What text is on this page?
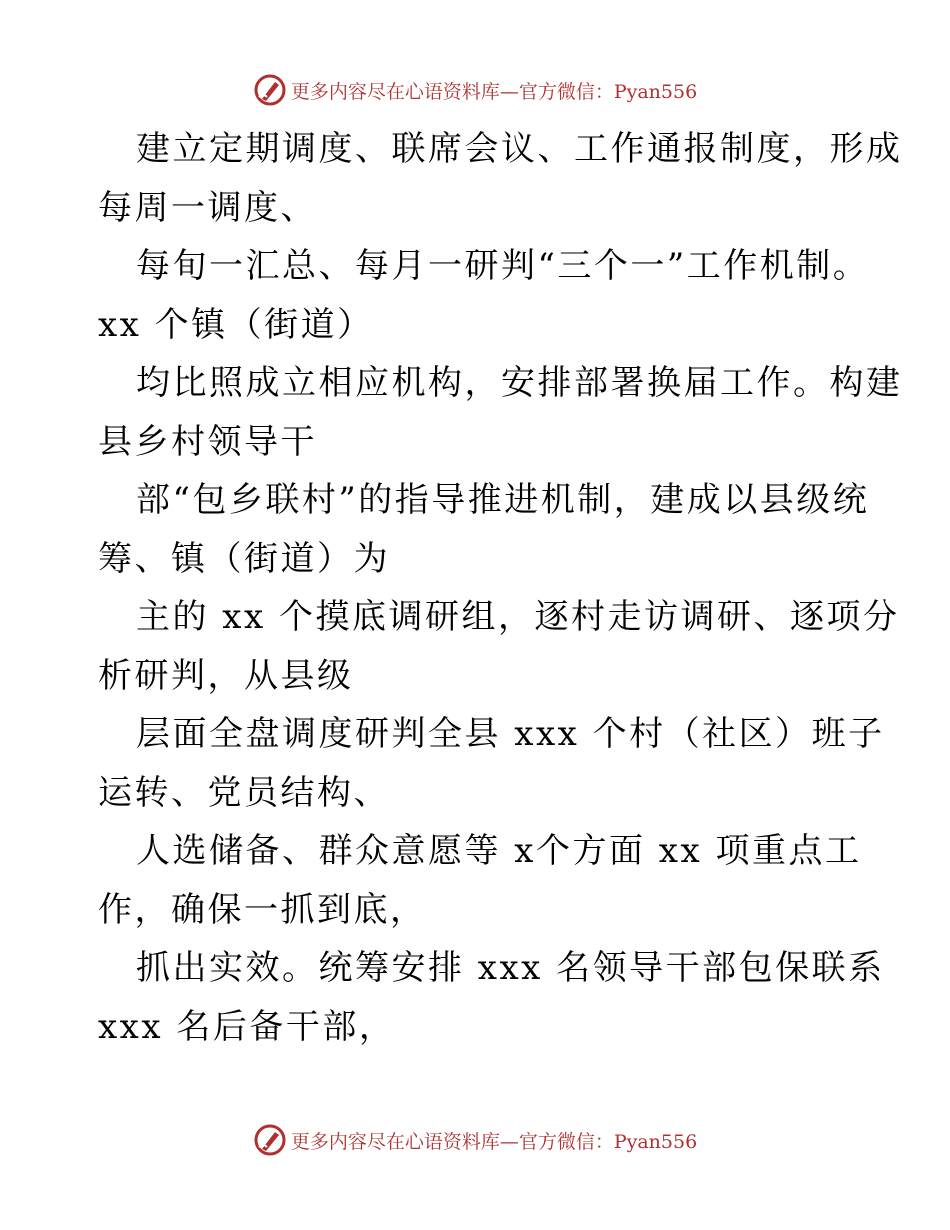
更多内容尽在心语资料库—官方微信：Pyan556

建立定期调度、联席会议、工作通报制度，形成
每周一调度、

每旬一汇总、每月一研判“三个一”工作机制。
xx 个镇（街道）

均比照成立相应机构，安排部署换届工作。构建
县乡村领导干

部“包乡联村”的指导推进机制，建成以县级统
筹、镇（街道）为

主的 xx 个摸底调研组，逐村走访调研、逐项分
析研判，从县级

层面全盘调度研判全县 xxx 个村（社区）班子
运转、党员结构、

人选储备、群众意愿等 x个方面 xx 项重点工
作，确保一抓到底，

抓出实效。统筹安排 xxx 名领导干部包保联系
xxx 名后备干部，

更多内容尽在心语资料库—官方微信：Pyan556
